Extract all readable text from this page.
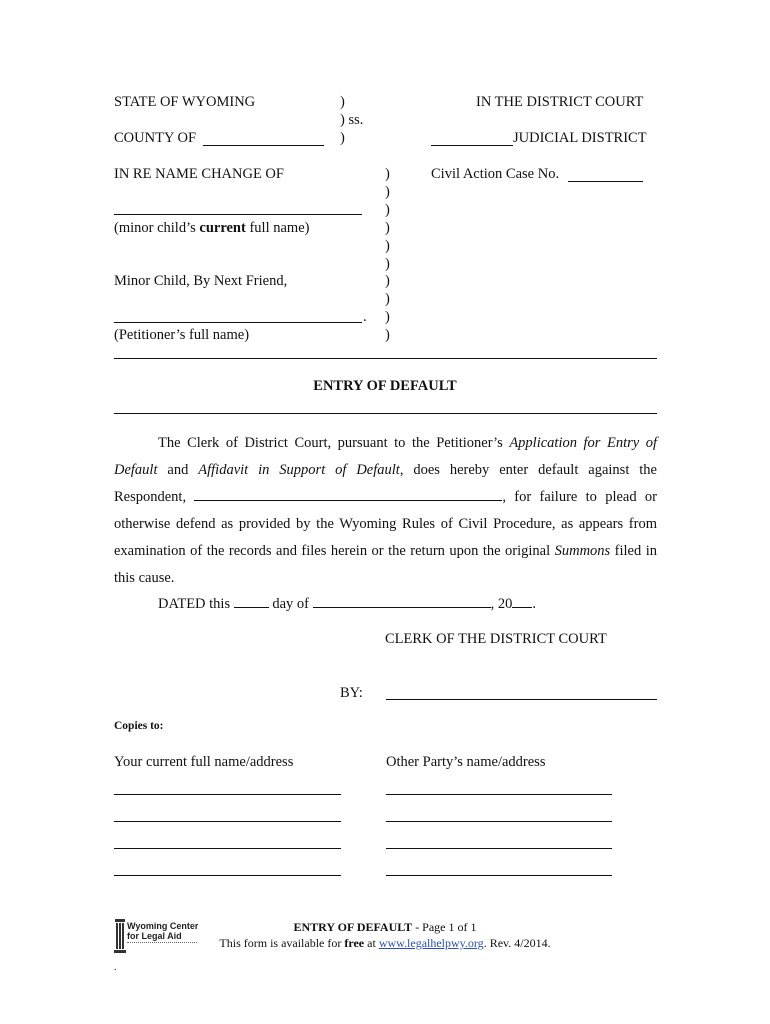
STATE OF WYOMING	)
) ss.
COUNTY OF	)
IN THE DISTRICT COURT
JUDICIAL DISTRICT
IN RE NAME CHANGE OF	Civil Action Case No.
(minor child’s current full name)
Minor Child, By Next Friend,
.
(Petitioner’s full name)
)
)
)
)
)
)
)
)
)
)
ENTRY OF DEFAULT
The Clerk of District Court, pursuant to the Petitioner’s Application for Entry of Default and Affidavit in Support of Default, does hereby enter default against the Respondent,	, for failure to plead or otherwise defend as provided by the Wyoming Rules of Civil Procedure, as appears from examination of the records and files herein or the return upon the original Summons filed in this cause.
DATED this  day of	, 20 .
CLERK OF THE DISTRICT COURT
BY:
Copies to:
Your current full name/address	Other Party’s name/address
Wyoming Center
for Legal Aid
ENTRY OF DEFAULT - Page 1 of 1
This form is available for free at www.legalhelpwy.org. Rev. 4/2014.
.
